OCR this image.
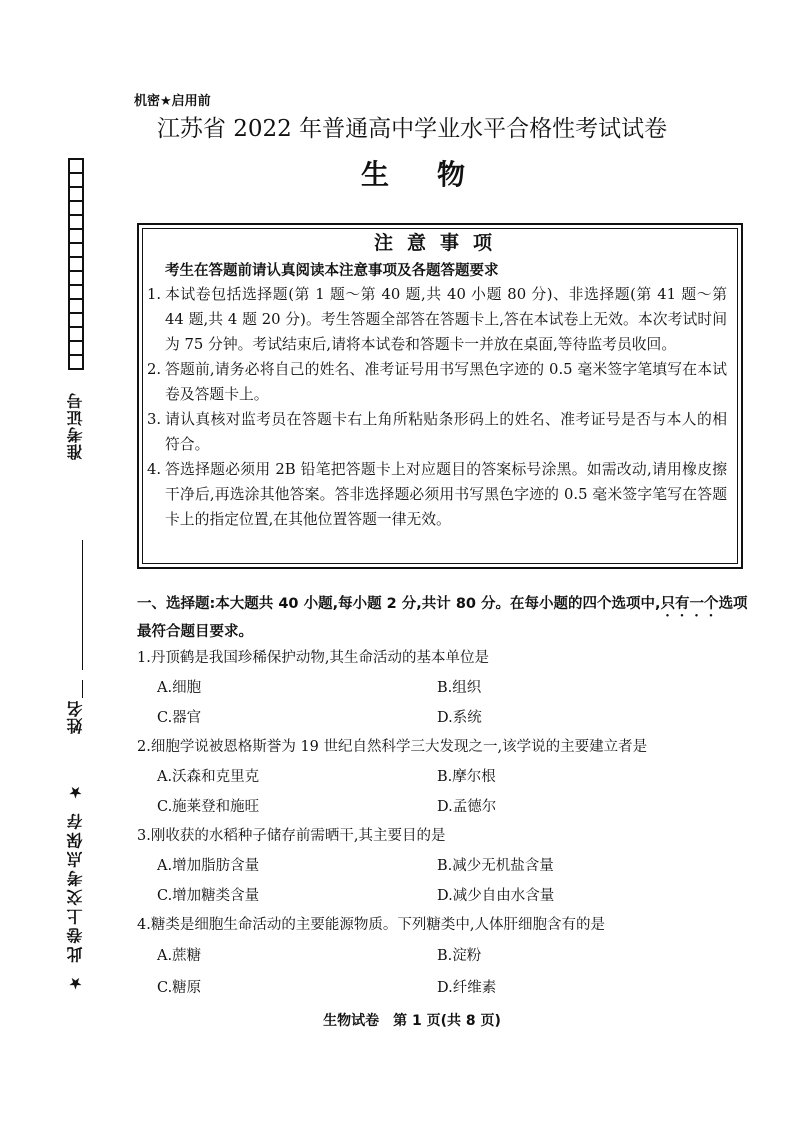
准考证号
姓名
★ 此卷上交考点保存 ★
机密★启用前
江苏省 2022 年普通高中学业水平合格性考试试卷
生物
注意事项
考生在答题前请认真阅读本注意事项及各题答题要求
1. 本试卷包括选择题(第 1 题～第 40 题,共 40 小题 80 分)、非选择题(第 41 题～第 44 题,共 4 题 20 分)。考生答题全部答在答题卡上,答在本试卷上无效。本次考试时间为 75 分钟。考试结束后,请将本试卷和答题卡一并放在桌面,等待监考员收回。
2. 答题前,请务必将自己的姓名、准考证号用书写黑色字迹的 0.5 毫米签字笔填写在本试卷及答题卡上。
3. 请认真核对监考员在答题卡右上角所粘贴条形码上的姓名、准考证号是否与本人的相符合。
4. 答选择题必须用 2B 铅笔把答题卡上对应题目的答案标号涂黑。如需改动,请用橡皮擦干净后,再选涂其他答案。答非选择题必须用书写黑色字迹的 0.5 毫米签字笔写在答题卡上的指定位置,在其他位置答题一律无效。
一、选择题:本大题共 40 小题,每小题 2 分,共计 80 分。在每小题的四个选项中,只有一个选项最符合题目要求。
1.丹顶鹤是我国珍稀保护动物,其生命活动的基本单位是
A.细胞	B.组织
C.器官	D.系统
2.细胞学说被恩格斯誉为 19 世纪自然科学三大发现之一,该学说的主要建立者是
A.沃森和克里克	B.摩尔根
C.施莱登和施旺	D.孟德尔
3.刚收获的水稻种子储存前需晒干,其主要目的是
A.增加脂肪含量	B.减少无机盐含量
C.增加糖类含量	D.减少自由水含量
4.糖类是细胞生命活动的主要能源物质。下列糖类中,人体肝细胞含有的是
A.蔗糖	B.淀粉
C.糖原	D.纤维素
生物试卷　第 1 页(共 8 页)
